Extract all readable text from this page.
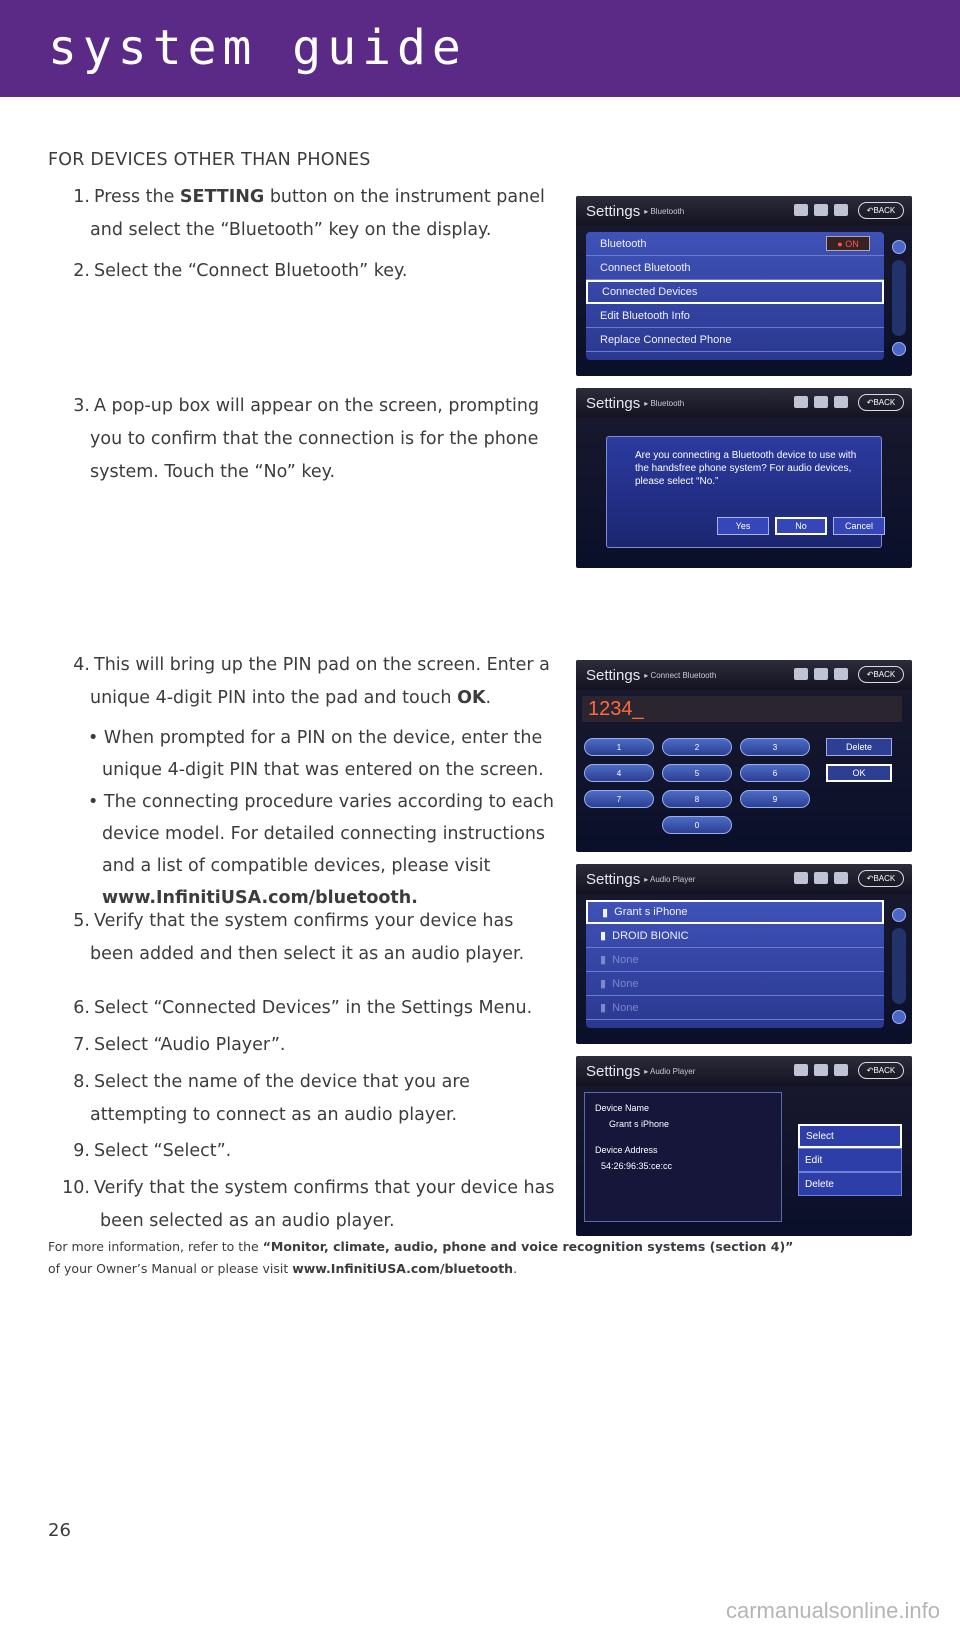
system guide
FOR DEVICES OTHER THAN PHONES
1. Press the SETTING button on the instrument panel
and select the “Bluetooth” key on the display.
2. Select the “Connect Bluetooth” key.
3. A pop-up box will appear on the screen, prompting
you to confirm that the connection is for the phone
system. Touch the “No” key.
4. This will bring up the PIN pad on the screen. Enter a
unique 4-digit PIN into the pad and touch OK.
• When prompted for a PIN on the device, enter the
unique 4-digit PIN that was entered on the screen.
• The connecting procedure varies according to each
device model. For detailed connecting instructions
and a list of compatible devices, please visit
www.InfinitiUSA.com/bluetooth.
5. Verify that the system confirms your device has
been added and then select it as an audio player.
6. Select “Connected Devices” in the Settings Menu.
7. Select “Audio Player”.
8. Select the name of the device that you are
attempting to connect as an audio player.
9. Select “Select”.
10. Verify that the system confirms that your device has
been selected as an audio player.
For more information, refer to the “Monitor, climate, audio, phone and voice recognition systems (section 4)” of your Owner’s Manual or please visit www.InfinitiUSA.com/bluetooth.
26
carmanualsonline.info
Settings ▸ Bluetooth	↶ BACK
Bluetooth	● ON
Connect Bluetooth
Connected Devices
Edit Bluetooth Info
Replace Connected Phone
Settings ▸ Bluetooth	↶ BACK
Are you connecting a Bluetooth device to use with the handsfree phone system? For audio devices, please select “No.”
Yes	No	Cancel
Settings ▸ Connect Bluetooth	↶ BACK
1234_
1	2	3
4	5	6
7	8	9
0
Delete
OK
Settings ▸ Audio Player	↶ BACK
▮ Grant s iPhone
▮ DROID BIONIC
▮ None
▮ None
▮ None
Settings ▸ Audio Player	↶ BACK
Device Name
Grant s iPhone
Device Address
54:26:96:35:ce:cc
Select
Edit
Delete
